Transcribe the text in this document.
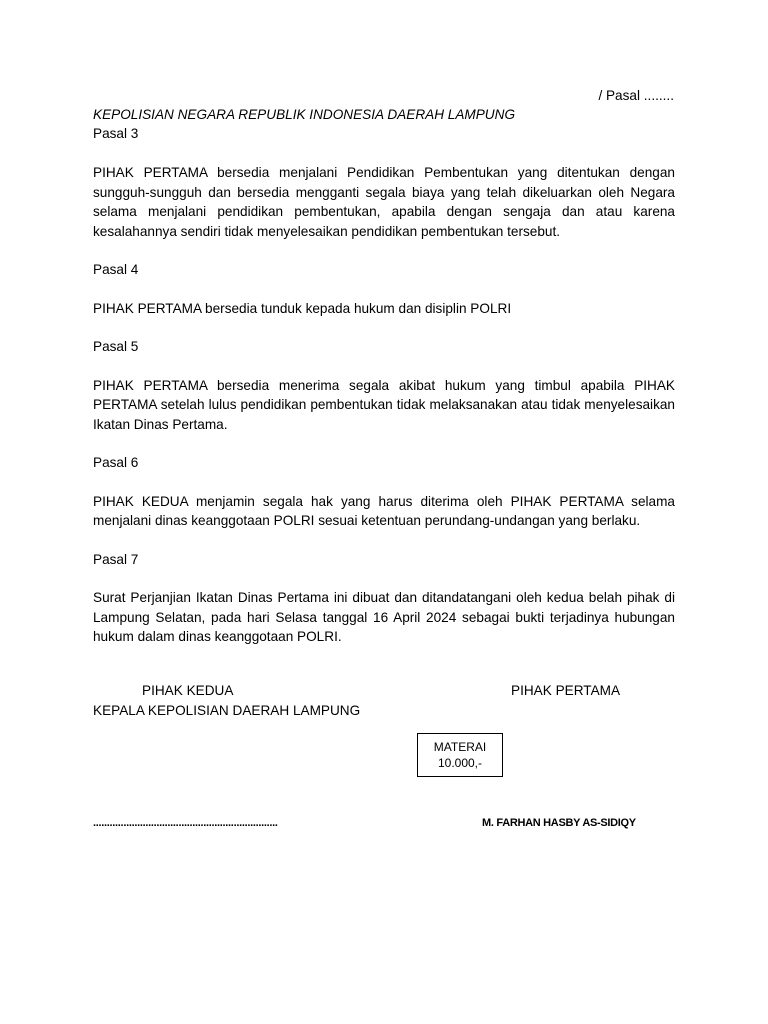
/ Pasal ........
KEPOLISIAN NEGARA REPUBLIK INDONESIA DAERAH LAMPUNG
Pasal 3

PIHAK PERTAMA bersedia menjalani Pendidikan Pembentukan yang ditentukan dengan sungguh-sungguh dan bersedia mengganti segala biaya yang telah dikeluarkan oleh Negara selama menjalani pendidikan pembentukan, apabila dengan sengaja dan atau karena kesalahannya sendiri tidak menyelesaikan pendidikan pembentukan tersebut.

Pasal 4

PIHAK PERTAMA bersedia tunduk kepada hukum dan disiplin POLRI

Pasal 5

PIHAK PERTAMA bersedia menerima segala akibat hukum yang timbul apabila PIHAK PERTAMA setelah lulus pendidikan pembentukan tidak melaksanakan atau tidak menyelesaikan Ikatan Dinas Pertama.

Pasal 6

PIHAK KEDUA menjamin segala hak yang harus diterima oleh PIHAK PERTAMA selama menjalani dinas keanggotaan POLRI sesuai ketentuan perundang-undangan yang berlaku.

Pasal 7

Surat Perjanjian Ikatan Dinas Pertama ini dibuat dan ditandatangani oleh kedua belah pihak di Lampung Selatan, pada hari Selasa tanggal 16 April 2024 sebagai bukti terjadinya hubungan hukum dalam dinas keanggotaan POLRI.

PIHAK KEDUA
KEPALA KEPOLISIAN DAERAH LAMPUNG
PIHAK PERTAMA
MATERAI
10.000,-
...................................................................	M. FARHAN HASBY AS-SIDIQY
